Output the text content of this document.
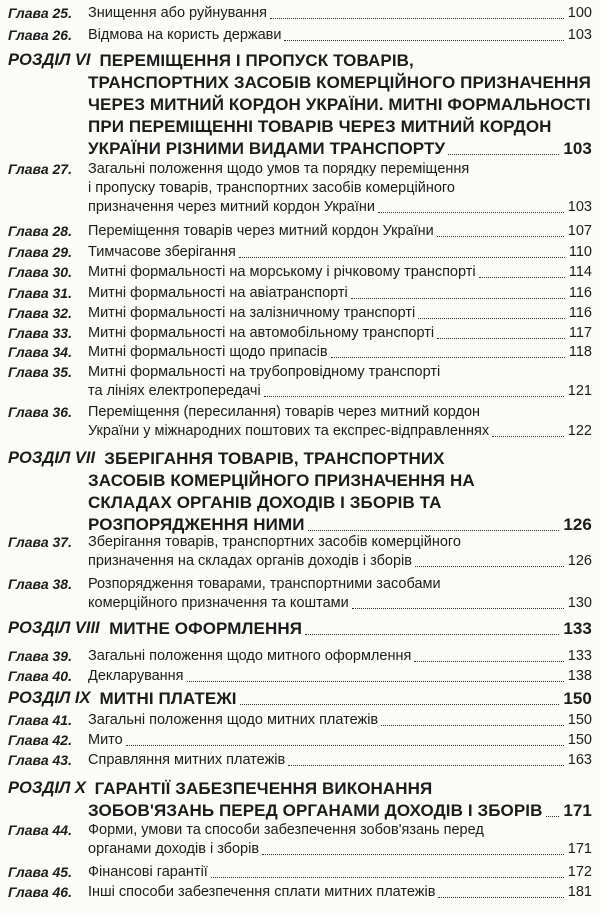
Глава 25. Знищення або руйнування	100
Глава 26. Відмова на користь держави	103
РОЗДІЛ VI ПЕРЕМІЩЕННЯ І ПРОПУСК ТОВАРІВ,
ТРАНСПОРТНИХ ЗАСОБІВ КОМЕРЦІЙНОГО ПРИЗНАЧЕННЯ
ЧЕРЕЗ МИТНИЙ КОРДОН УКРАЇНИ. МИТНІ ФОРМАЛЬНОСТІ
ПРИ ПЕРЕМІЩЕННІ ТОВАРІВ ЧЕРЕЗ МИТНИЙ КОРДОН
УКРАЇНИ РІЗНИМИ ВИДАМИ ТРАНСПОРТУ	103
Глава 27. Загальні положення щодо умов та порядку переміщення
і пропуску товарів, транспортних засобів комерційного
призначення через митний кордон України	103
Глава 28. Переміщення товарів через митний кордон України	107
Глава 29. Тимчасове зберігання	110
Глава 30. Митні формальності на морському і річковому транспорті	114
Глава 31. Митні формальності на авіатранспорті	116
Глава 32. Митні формальності на залізничному транспорті	116
Глава 33. Митні формальності на автомобільному транспорті	117
Глава 34. Митні формальності щодо припасів	118
Глава 35. Митні формальності на трубопровідному транспорті
та лініях електропередачі	121
Глава 36. Переміщення (пересилання) товарів через митний кордон
України у міжнародних поштових та експрес-відправленнях	122
РОЗДІЛ VII ЗБЕРІГАННЯ ТОВАРІВ, ТРАНСПОРТНИХ
ЗАСОБІВ КОМЕРЦІЙНОГО ПРИЗНАЧЕННЯ НА
СКЛАДАХ ОРГАНІВ ДОХОДІВ І ЗБОРІВ ТА
РОЗПОРЯДЖЕННЯ НИМИ	126
Глава 37. Зберігання товарів, транспортних засобів комерційного
призначення на складах органів доходів і зборів	126
Глава 38. Розпорядження товарами, транспортними засобами
комерційного призначення та коштами	130
РОЗДІЛ VIII МИТНЕ ОФОРМЛЕННЯ	133
Глава 39. Загальні положення щодо митного оформлення	133
Глава 40. Декларування	138
РОЗДІЛ IX МИТНІ ПЛАТЕЖІ	150
Глава 41. Загальні положення щодо митних платежів	150
Глава 42. Мито	150
Глава 43. Справляння митних платежів	163
РОЗДІЛ X ГАРАНТІЇ ЗАБЕЗПЕЧЕННЯ ВИКОНАННЯ
ЗОБОВ'ЯЗАНЬ ПЕРЕД ОРГАНАМИ ДОХОДІВ І ЗБОРІВ 171
Глава 44. Форми, умови та способи забезпечення зобов'язань перед
органами доходів і зборів	171
Глава 45. Фінансові гарантії	172
Глава 46. Інші способи забезпечення сплати митних платежів	181
